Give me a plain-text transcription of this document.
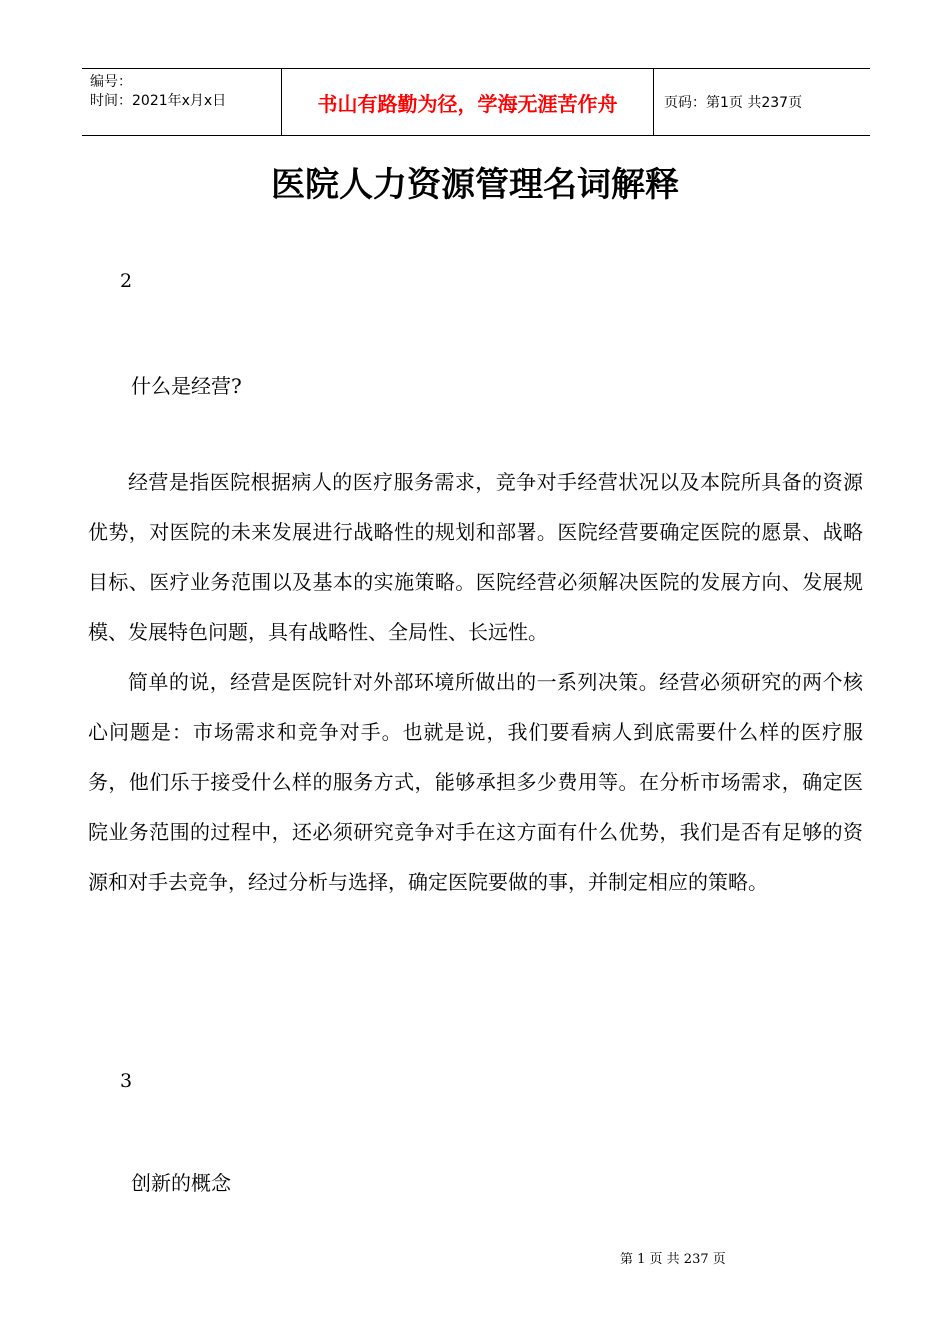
编号：
时间：2021年x月x日	书山有路勤为径，学海无涯苦作舟	页码：第1页 共237页
医院人力资源管理名词解释
2
什么是经营?

经营是指医院根据病人的医疗服务需求，竞争对手经营状况以及本院所具备的资源优势，对医院的未来发展进行战略性的规划和部署。医院经营要确定医院的愿景、战略目标、医疗业务范围以及基本的实施策略。医院经营必须解决医院的发展方向、发展规模、发展特色问题，具有战略性、全局性、长远性。

简单的说，经营是医院针对外部环境所做出的一系列决策。经营必须研究的两个核心问题是：市场需求和竞争对手。也就是说，我们要看病人到底需要什么样的医疗服务，他们乐于接受什么样的服务方式，能够承担多少费用等。在分析市场需求，确定医院业务范围的过程中，还必须研究竞争对手在这方面有什么优势，我们是否有足够的资源和对手去竞争，经过分析与选择，确定医院要做的事，并制定相应的策略。

3
创新的概念
第 1 页 共 237 页
